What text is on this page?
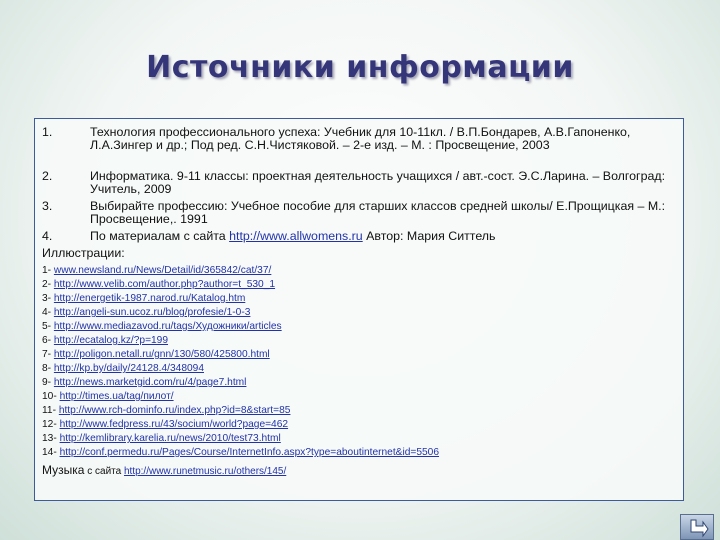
Источники информации
1.	Технология профессионального успеха: Учебник для 10-11кл. / В.П.Бондарев, А.В.Гапоненко, Л.А.Зингер и др.; Под ред. С.Н.Чистяковой. – 2-е изд. – М. : Просвещение, 2003
2.	Информатика. 9-11 классы: проектная деятельность учащихся / авт.-сост. Э.С.Ларина. – Волгоград: Учитель, 2009
3.	Выбирайте профессию: Учебное пособие для старших классов средней школы/ Е.Прощицкая – М.: Просвещение,. 1991
4.	По материалам с сайта http://www.allwomens.ru Автор: Мария Ситтель
Иллюстрации:
1- www.newsland.ru/News/Detail/id/365842/cat/37/
2- http://www.velib.com/author.php?author=t_530_1
3- http://energetik-1987.narod.ru/Katalog.htm
4- http://angeli-sun.ucoz.ru/blog/profesie/1-0-3
5- http://www.mediazavod.ru/tags/Художники/articles
6- http://ecatalog.kz/?p=199
7- http://poligon.netall.ru/gnn/130/580/425800.html
8- http://kp.by/daily/24128.4/348094
9- http://news.marketgid.com/ru/4/page7.html
10- http://times.ua/tag/пилот/
11- http://www.rch-dominfo.ru/index.php?id=8&start=85
12- http://www.fedpress.ru/43/socium/world?page=462
13- http://kemlibrary.karelia.ru/news/2010/test73.html
14- http://conf.permedu.ru/Pages/Course/InternetInfo.aspx?type=aboutinternet&id=5506
Музыка с сайта http://www.runetmusic.ru/others/145/
